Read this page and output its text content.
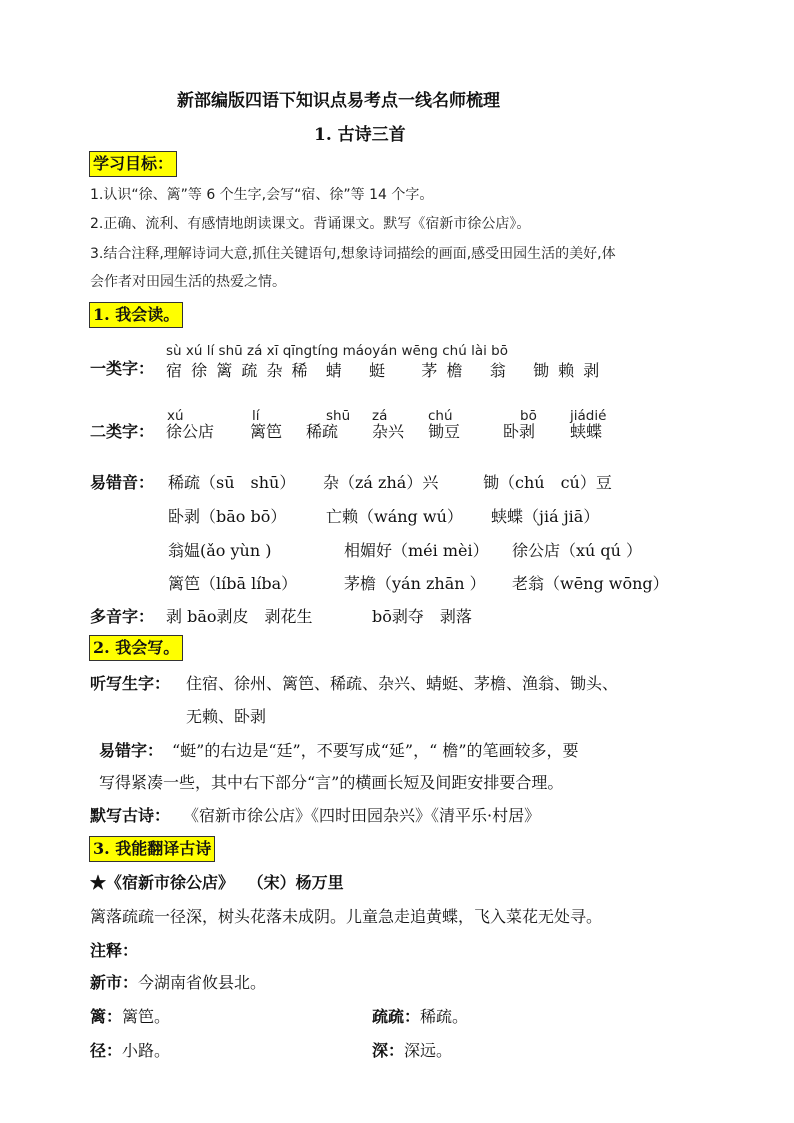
新部编版四语下知识点易考点一线名师梳理
1. 古诗三首
学习目标：
1.认识“徐、篱”等 6 个生字,会写“宿、徐”等 14 个字。
2.正确、流利、有感情地朗读课文。背诵课文。默写《宿新市徐公店》。
3.结合注释,理解诗词大意,抓住关键语句,想象诗词描绘的画面,感受田园生活的美好,体
会作者对田园生活的热爱之情。
1. 我会读。
sù xú lí shū zá xī qīngtíng máoyán wēng chú lài bō
一类字： 宿 徐 篱 疏 杂 稀 蜻 蜓 茅 檐 翁 锄 赖 剥
xú	lí	shū zá	chú	bō jiádié
二类字： 徐公店 篱笆 稀疏 杂兴 锄豆	卧剥 蛱蝶
易错音： 稀疏（sū　shū） 杂（zá zhá）兴	锄（chú　cú）豆
卧剥（bāo bō） 亡赖（wáng wú） 蛱蝶（jiá jiā）
翁媪(ǎo yùn )	相媚好（méi mèi） 徐公店（xú qú ）
篱笆（líbā líba）	茅檐（yán zhān ） 老翁（wēng wōng）
多音字： 剥 bāo剥皮　剥花生	bō剥夺　剥落
2. 我会写。
听写生字： 住宿、徐州、篱笆、稀疏、杂兴、蜻蜓、茅檐、渔翁、锄头、
无赖、卧剥
易错字： “蜓”的右边是“廷”，不要写成“延”，“ 檐”的笔画较多，要
写得紧凑一些，其中右下部分“言”的横画长短及间距安排要合理。
默写古诗： 《宿新市徐公店》《四时田园杂兴》《清平乐·村居》
3. 我能翻译古诗
★《宿新市徐公店》　 （宋）杨万里
篱落疏疏一径深，树头花落未成阴。儿童急走追黄蝶，飞入菜花无处寻。
注释：
新市：今湖南省攸县北。
篱：篱笆。	疏疏：稀疏。
径：小路。	深：深远。
